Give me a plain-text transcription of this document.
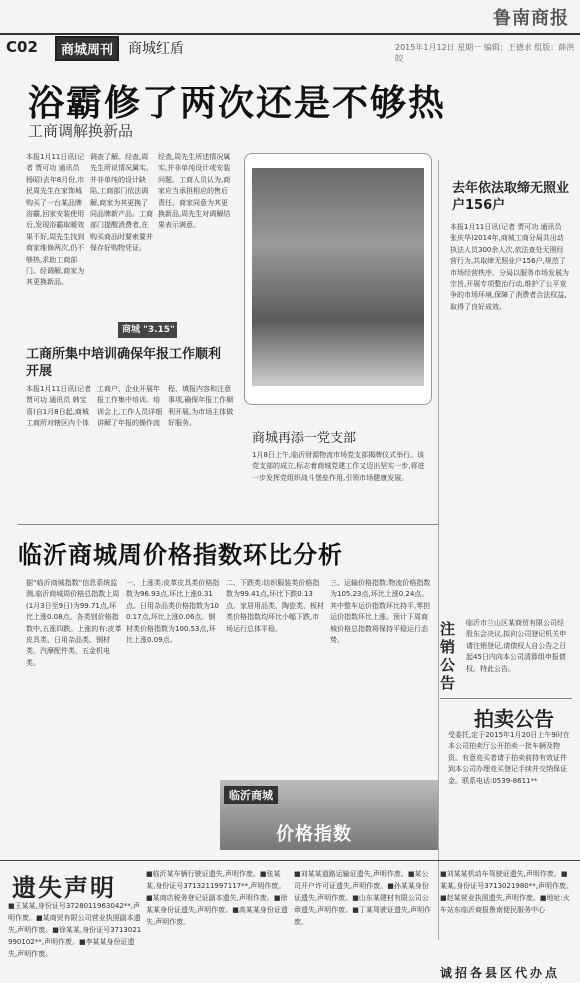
鲁南商报
C02	商城周刊	商城红盾	2015年1月12日 星期一 编辑：王德求 组版：薛洪皎
浴霸修了两次还是不够热
工商调解换新品
本报1月11日讯(记者 贾可功 通讯员 杨昭)去年8月份,市民周先生在家饰城购买了一台某品牌浴霸,回家安装使用后,发现浴霸取暖效果不好,周先生找到商家维修两次,仍不够热,求助工商部门。经调解,商家为其更换新品。
调查了解。经查,周先生所说情况属实,并非单纯的设计缺陷,工商部门依法调解,商家为其更换了同品牌新产品。工商部门提醒消费者,在购买商品时要索要并保存好购物凭证。
经查,周先生所述情况属实,并非单纯设计或安装问题。工商人员认为,商家应当承担相应的售后责任。商家同意为其更换新品,周先生对调解结果表示满意。
商城 "3.15"
工商所集中培训确保年报工作顺利开展
本报1月11日讯(记者 贾可功 通讯员 韩宝喜)自1月8日起,商城工商所对辖区内个体工商户、企业开展年报工作集中培训。培训会上,工作人员详细讲解了年报的操作流程、填报内容和注意事项,确保年报工作顺利开展,为市场主体做好服务。
商城再添一党支部
1月8日上午,临沂财源物流市场党支部揭牌仪式举行。该党支部的成立,标志着商城党建工作又迈出坚实一步,将进一步发挥党组织战斗堡垒作用,引领市场健康发展。
去年依法取缔无照业户156户
本报1月11日讯(记者 贾可功 通讯员 张庆华)2014年,商城工商分局共出动执法人员300余人次,依法查处无照经营行为,共取缔无照业户156户,规范了市场经营秩序。分局以服务市场发展为宗旨,开展专项整治行动,维护了公平竞争的市场环境,保障了消费者合法权益,取得了良好成效。
临沂商城周价格指数环比分析
据“临沂商城指数”信息系统监测,临沂商城周价格总指数上周(1月3日至9日)为99.71点,环比上涨0.08点。各类别价格指数中,五涨四跌。上涨的有:皮革皮具类、日用杂品类、钢材类、汽摩配件类、五金机电类。
一、上涨类:皮革皮具类价格指数为96.93点,环比上涨0.31点。日用杂品类价格指数为100.17点,环比上涨0.06点。钢材类价格指数为100.53点,环比上涨0.09点。
二、下跌类:纺织服装类价格指数为99.41点,环比下跌0.13点。家居用品类、陶瓷类、板材类价格指数均环比小幅下跌,市场运行总体平稳。
三、运输价格指数:物流价格指数为105.23点,环比上涨0.24点。其中整车运价指数环比持平,零担运价指数环比上涨。预计下周商城价格总指数将保持平稳运行态势。
临沂商城
价格指数
注销公告
临沂市兰山区某商贸有限公司经股东会决议,拟向公司登记机关申请注销登记,请债权人自公告之日起45日内向本公司清算组申报债权。特此公告。
拍卖公告
受委托,定于2015年1月20日上午9时在本公司拍卖厅公开拍卖一批车辆及物资。有意竞买者请于拍卖前持有效证件到本公司办理竞买登记手续并交纳保证金。联系电话:0539-8611**
遗失声明
■王某某,身份证号3728011963042**,声明作废。■某商贸有限公司营业执照副本遗失,声明作废。■徐某某,身份证号3713021990102**,声明作废。■李某某身份证遗失,声明作废。
■临沂某车辆行驶证遗失,声明作废。■张某某,身份证号3713211997117**,声明作废。■某商店税务登记证副本遗失,声明作废。■徐某某身份证遗失,声明作废。■高某某身份证遗失,声明作废。
■刘某某道路运输证遗失,声明作废。■某公司开户许可证遗失,声明作废。■孙某某身份证遗失,声明作废。■山东某建材有限公司公章遗失,声明作废。■丁某驾驶证遗失,声明作废。
■刘某某机动车驾驶证遗失,声明作废。■某某,身份证号3713021980**,声明作废。■赵某营业执照遗失,声明作废。■地址:火车站东临沂商报鲁南便民服务中心
诚招各县区代办点
